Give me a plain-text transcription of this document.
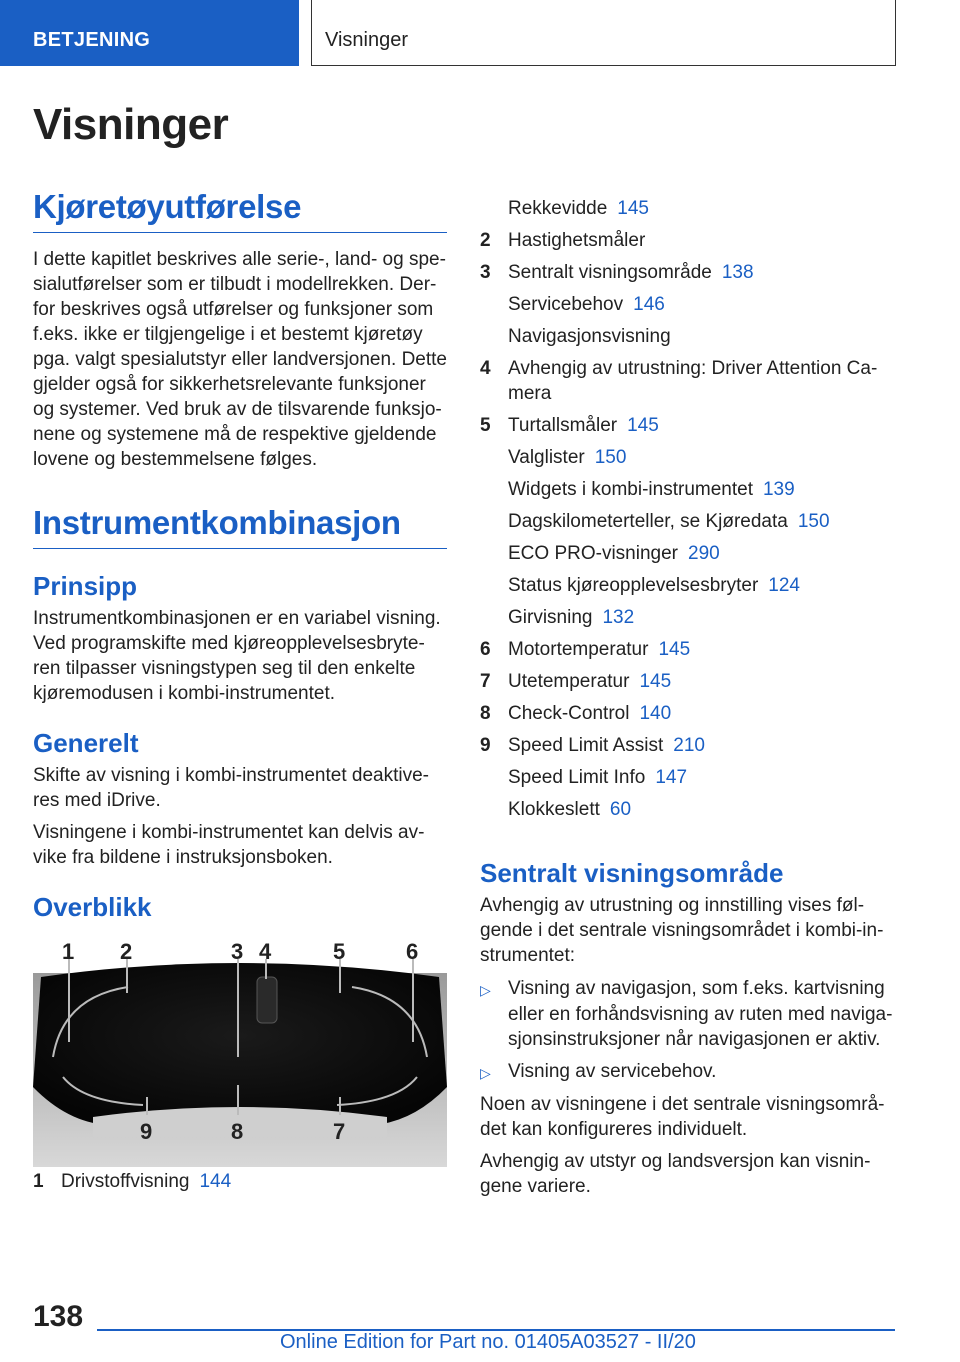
BETJENING	Visninger
Visninger
Kjøretøyutførelse

I dette kapitlet beskrives alle serie-, land- og spe-sialutførelser som er tilbudt i modellrekken. Der-for beskrives også utførelser og funksjoner som f.eks. ikke er tilgjengelige i et bestemt kjøretøy pga. valgt spesialutstyr eller landversjonen. Dette gjelder også for sikkerhetsrelevante funksjoner og systemer. Ved bruk av de tilsvarende funksjo-nene og systemene må de respektive gjeldende lovene og bestemmelsene følges.

Instrumentkombinasjon
Prinsipp

Instrumentkombinasjonen er en variabel visning. Ved programskifte med kjøreopplevelsesbryte-ren tilpasser visningstypen seg til den enkelte kjøremodusen i kombi-instrumentet.

Generelt

Skifte av visning i kombi-instrumentet deaktive-res med iDrive.

Visningene i kombi-instrumentet kan delvis av-vike fra bildene i instruksjonsboken.

Overblikk
1 2	3 4	5	6
7
8
9
1 Drivstoffvisning 144
Rekkevidde 145
2 Hastighetsmåler
3 Sentralt visningsområde 138
Servicebehov 146
Navigasjonsvisning
4 Avhengig av utrustning: Driver Attention Ca-mera
5 Turtallsmåler 145
Valglister 150
Widgets i kombi-instrumentet 139
Dagskilometerteller, se Kjøredata 150
ECO PRO-visninger 290
Status kjøreopplevelsesbryter 124
Girvisning 132
6 Motortemperatur 145
7 Utetemperatur 145
8 Check-Control 140
9 Speed Limit Assist 210
Speed Limit Info 147
Klokkeslett 60
Sentralt visningsområde

Avhengig av utrustning og innstilling vises føl-gende i det sentrale visningsområdet i kombi-in-strumentet:

▷ Visning av navigasjon, som f.eks. kartvisning eller en forhåndsvisning av ruten med naviga-sjonsinstruksjoner når navigasjonen er aktiv.
▷ Visning av servicebehov.

Noen av visningene i det sentrale visningsområ-det kan konfigureres individuelt.

Avhengig av utstyr og landsversjon kan visnin-gene variere.

138
Online Edition for Part no. 01405A03527 - II/20
